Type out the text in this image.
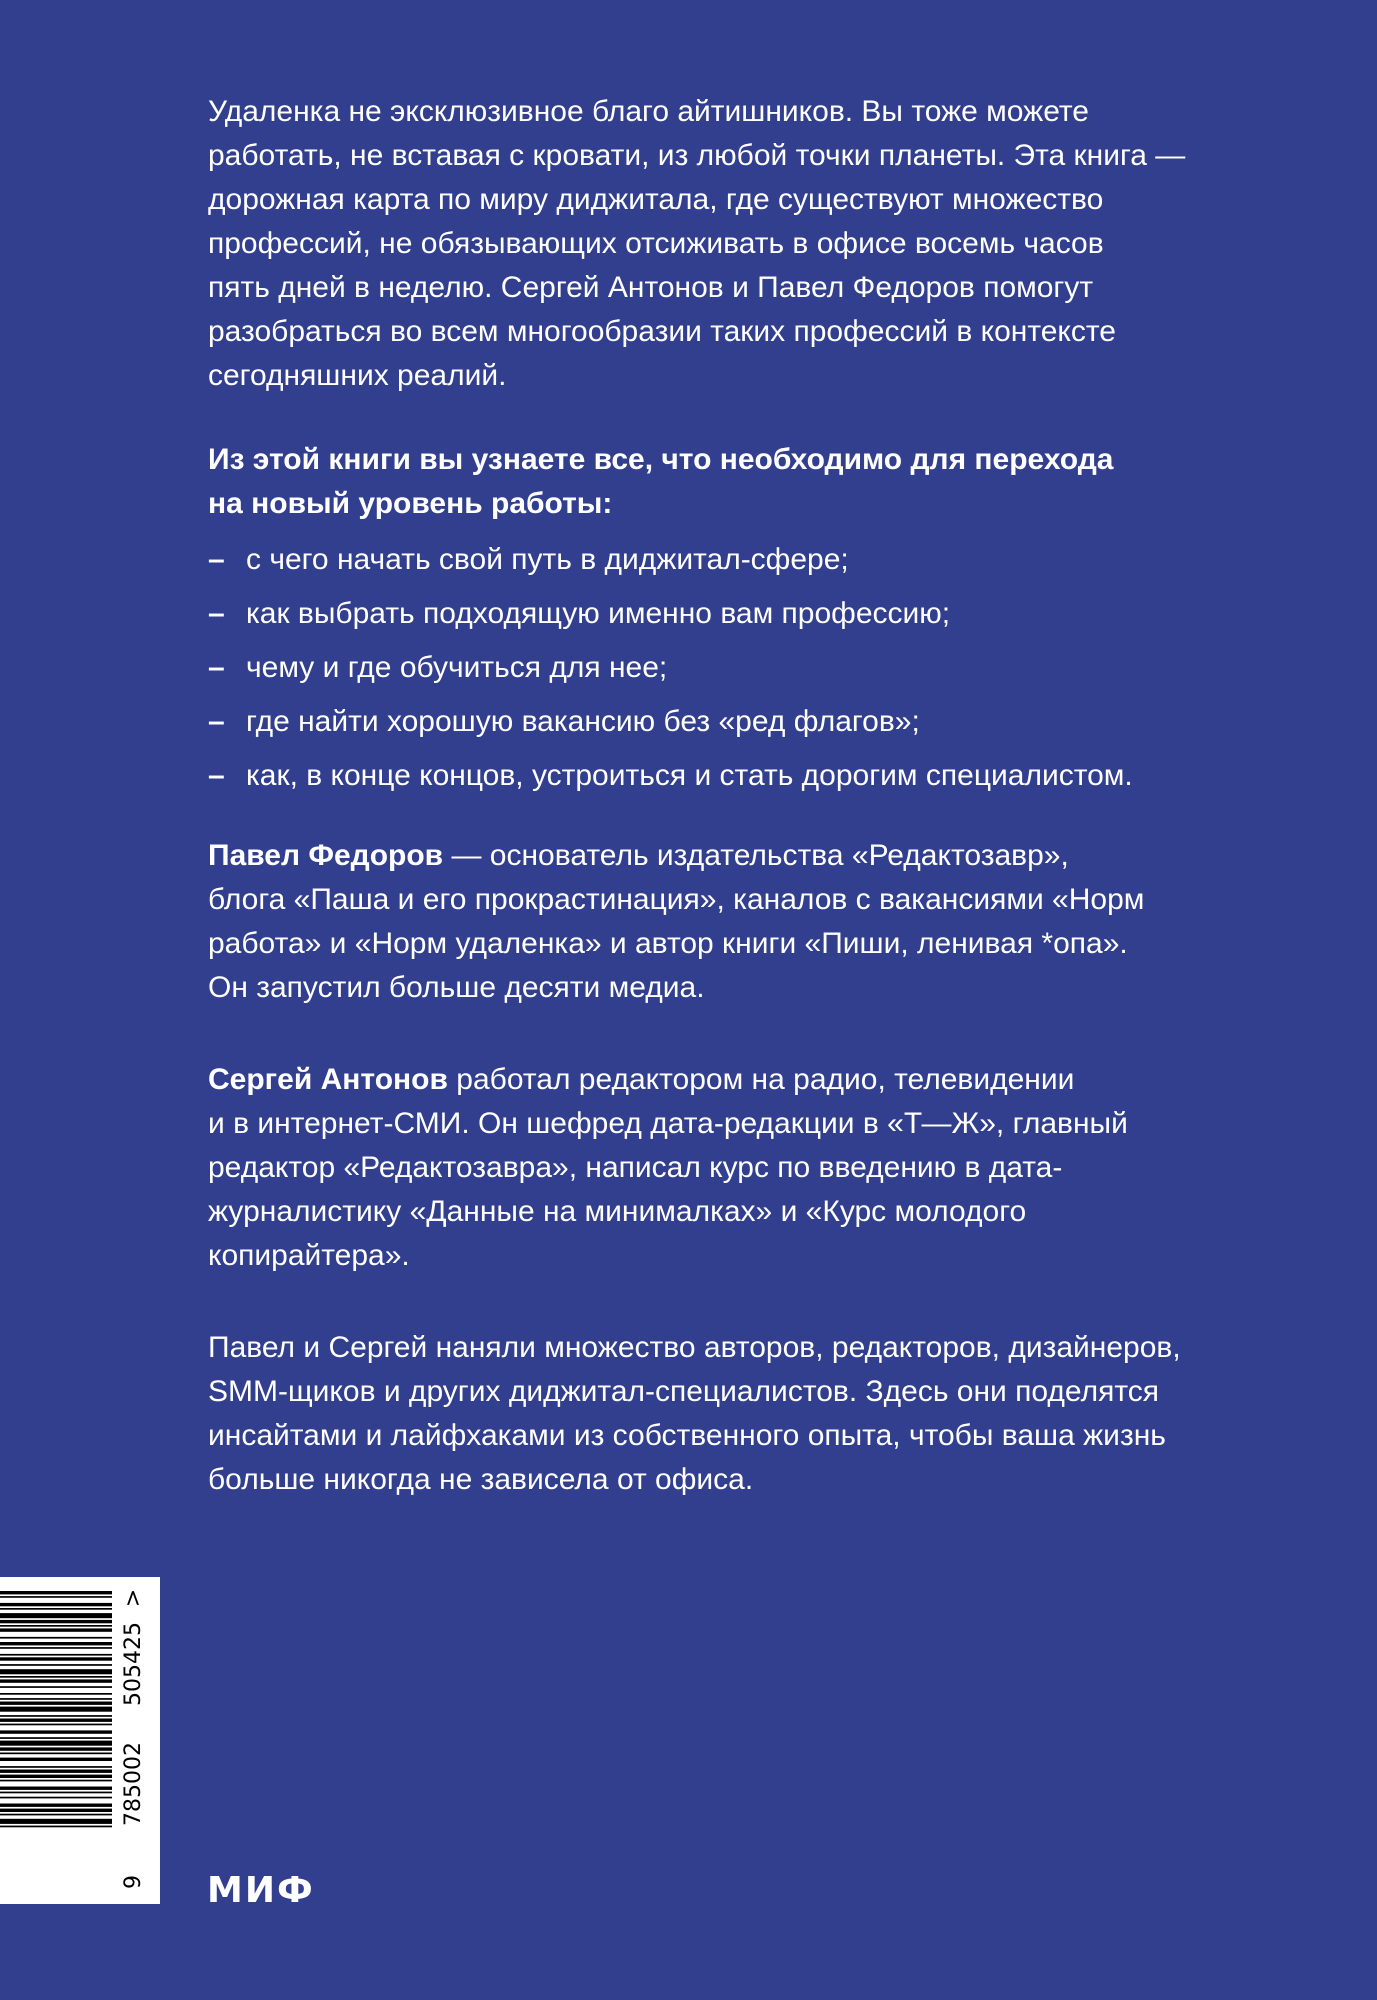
Удаленка не эксклюзивное благо айтишников. Вы тоже можете
работать, не вставая с кровати, из любой точки планеты. Эта книга —
дорожная карта по миру диджитала, где существуют множество
профессий, не обязывающих отсиживать в офисе восемь часов
пять дней в неделю. Сергей Антонов и Павел Федоров помогут
разобраться во всем многообразии таких профессий в контексте
сегодняшних реалий.

Из этой книги вы узнаете все, что необходимо для перехода
на новый уровень работы:
– с чего начать свой путь в диджитал-сфере;
– как выбрать подходящую именно вам профессию;
– чему и где обучиться для нее;
– где найти хорошую вакансию без «ред флагов»;
– как, в конце концов, устроиться и стать дорогим специалистом.

Павел Федоров — основатель издательства «Редактозавр»,
блога «Паша и его прокрастинация», каналов с вакансиями «Норм
работа» и «Норм удаленка» и автор книги «Пиши, ленивая *опа».
Он запустил больше десяти медиа.

Сергей Антонов работал редактором на радио, телевидении
и в интернет-СМИ. Он шефред дата-редакции в «Т—Ж», главный
редактор «Редактозавра», написал курс по введению в дата-
журналистику «Данные на минималках» и «Курс молодого
копирайтера».

Павел и Сергей наняли множество авторов, редакторов, дизайнеров,
SMM-щиков и других диджитал-специалистов. Здесь они поделятся
инсайтами и лайфхаками из собственного опыта, чтобы ваша жизнь
больше никогда не зависела от офиса.

9
785002
505425
>
МИФ
